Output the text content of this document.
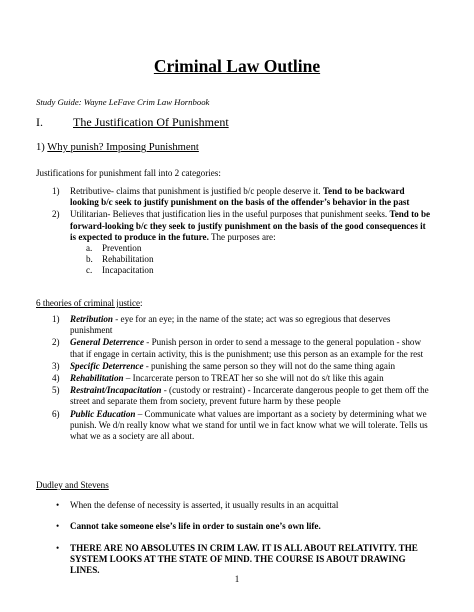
Criminal Law Outline
Study Guide: Wayne LeFave Crim Law Hornbook
I.	The Justification Of Punishment
1) Why punish? Imposing Punishment
Justifications for punishment fall into 2 categories:
1) Retributive- claims that punishment is justified b/c people deserve it. Tend to be backward looking b/c seek to justify punishment on the basis of the offender’s behavior in the past
2) Utilitarian- Believes that justification lies in the useful purposes that punishment seeks. Tend to be forward-looking b/c they seek to justify punishment on the basis of the good consequences it is expected to produce in the future. The purposes are:
a. Prevention
b. Rehabilitation
c. Incapacitation
6 theories of criminal justice:
1) Retribution - eye for an eye; in the name of the state; act was so egregious that deserves punishment
2) General Deterrence - Punish person in order to send a message to the general population - show that if engage in certain activity, this is the punishment; use this person as an example for the rest
3) Specific Deterrence - punishing the same person so they will not do the same thing again
4) Rehabilitation – Incarcerate person to TREAT her so she will not do s/t like this again
5) Restraint/Incapacitation - (custody or restraint) - Incarcerate dangerous people to get them off the street and separate them from society, prevent future harm by these people
6) Public Education – Communicate what values are important as a society by determining what we punish. We d/n really know what we stand for until we in fact know what we will tolerate. Tells us what we as a society are all about.
Dudley and Stevens
• When the defense of necessity is asserted, it usually results in an acquittal
• Cannot take someone else’s life in order to sustain one’s own life.
• THERE ARE NO ABSOLUTES IN CRIM LAW. IT IS ALL ABOUT RELATIVITY. THE SYSTEM LOOKS AT THE STATE OF MIND. THE COURSE IS ABOUT DRAWING LINES.
1
